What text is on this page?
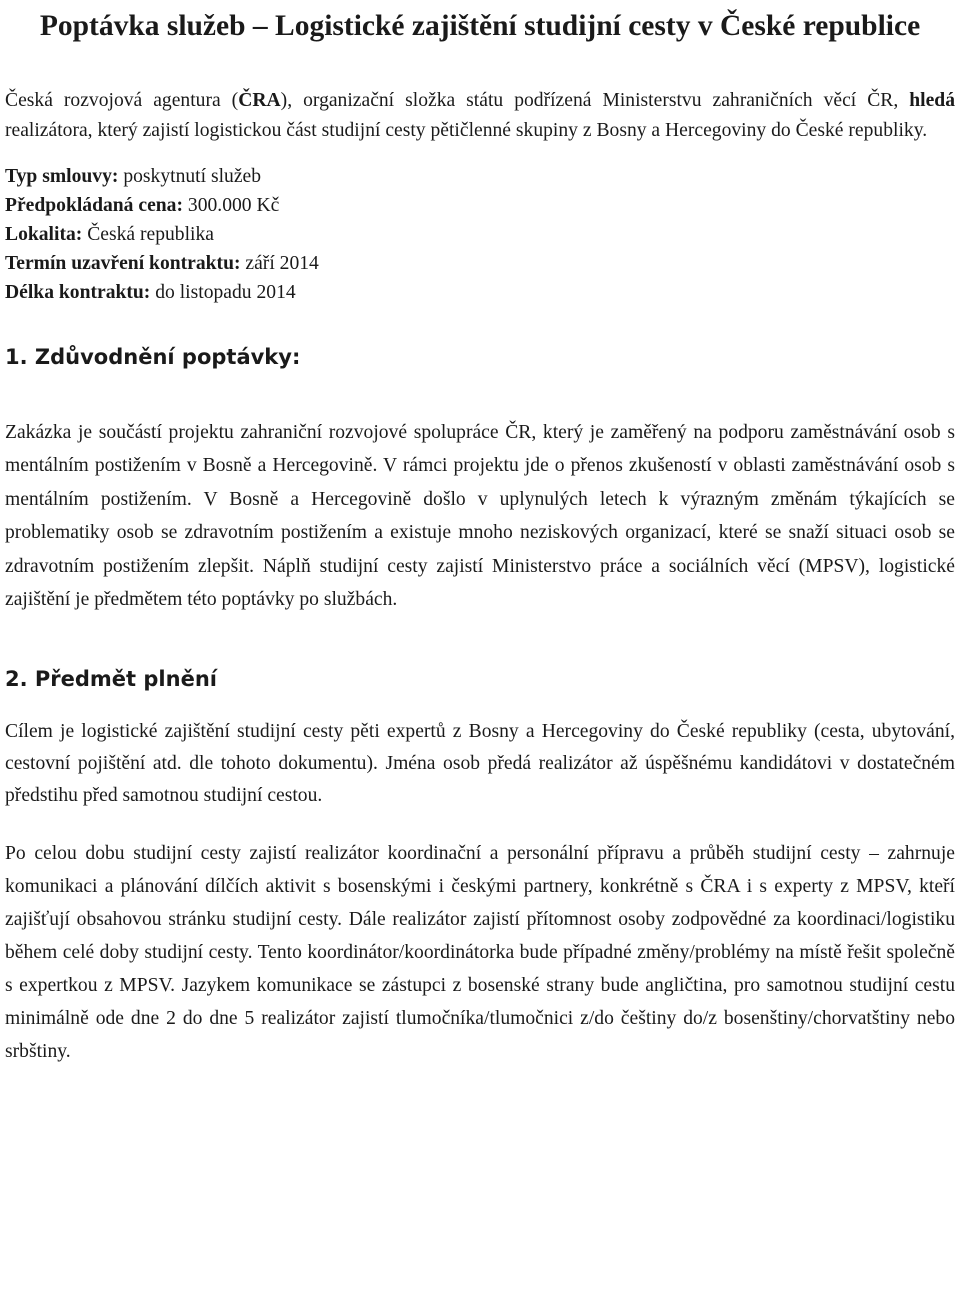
Poptávka služeb – Logistické zajištění studijní cesty v České republice

Česká rozvojová agentura (ČRA), organizační složka státu podřízená Ministerstvu zahraničních věcí ČR, hledá realizátora, který zajistí logistickou část studijní cesty pětičlenné skupiny z Bosny a Hercegoviny do České republiky.

Typ smlouvy: poskytnutí služeb
Předpokládaná cena: 300.000 Kč
Lokalita: Česká republika
Termín uzavření kontraktu: září 2014
Délka kontraktu: do listopadu 2014
1. Zdůvodnění poptávky:

Zakázka je součástí projektu zahraniční rozvojové spolupráce ČR, který je zaměřený na podporu zaměstnávání osob s mentálním postižením v Bosně a Hercegovině. V rámci projektu jde o přenos zkušeností v oblasti zaměstnávání osob s mentálním postižením. V Bosně a Hercegovině došlo v uplynulých letech k výrazným změnám týkajících se problematiky osob se zdravotním postižením a existuje mnoho neziskových organizací, které se snaží situaci osob se zdravotním postižením zlepšit. Náplň studijní cesty zajistí Ministerstvo práce a sociálních věcí (MPSV), logistické zajištění je předmětem této poptávky po službách.

2. Předmět plnění

Cílem je logistické zajištění studijní cesty pěti expertů z Bosny a Hercegoviny do České republiky (cesta, ubytování, cestovní pojištění atd. dle tohoto dokumentu). Jména osob předá realizátor až úspěšnému kandidátovi v dostatečném předstihu před samotnou studijní cestou.

Po celou dobu studijní cesty zajistí realizátor koordinační a personální přípravu a průběh studijní cesty – zahrnuje komunikaci a plánování dílčích aktivit s bosenskými i českými partnery, konkrétně s ČRA i s experty z MPSV, kteří zajišťují obsahovou stránku studijní cesty. Dále realizátor zajistí přítomnost osoby zodpovědné za koordinaci/logistiku během celé doby studijní cesty. Tento koordinátor/koordinátorka bude případné změny/problémy na místě řešit společně s expertkou z MPSV. Jazykem komunikace se zástupci z bosenské strany bude angličtina, pro samotnou studijní cestu minimálně ode dne 2 do dne 5 realizátor zajistí tlumočníka/tlumočnici z/do češtiny do/z bosenštiny/chorvatštiny nebo srbštiny.
